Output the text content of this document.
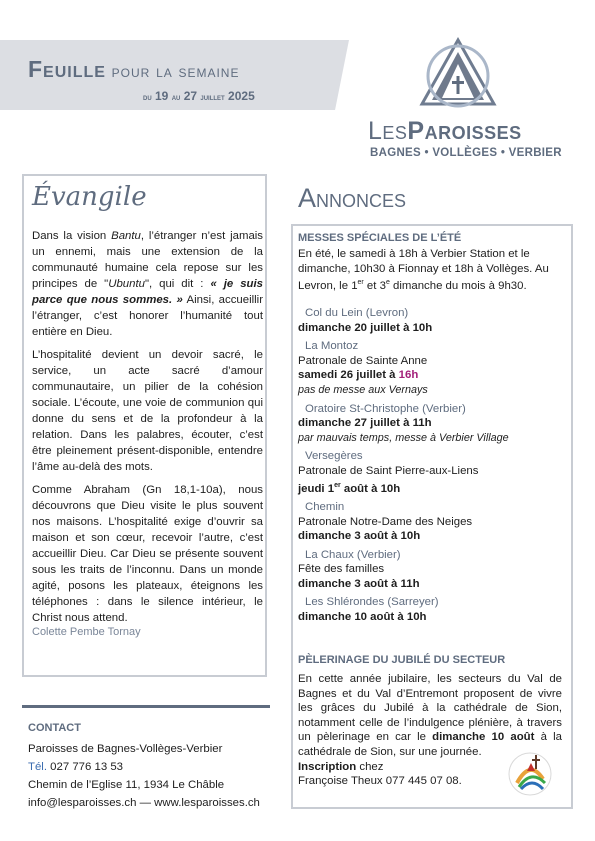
Feuille pour la semaine
du 19 au 27 juillet 2025
LesParoisses
BAGNES • VOLLÈGES • VERBIER
Évangile

Dans la vision Bantu, l’étranger n’est jamais un ennemi, mais une extension de la communauté humaine cela repose sur les principes de "Ubuntu", qui dit : « je suis parce que nous sommes. » Ainsi, accueillir l’étranger, c’est honorer l’humanité tout entière en Dieu.

L’hospitalité devient un devoir sacré, le service, un acte sacré d’amour communautaire, un pilier de la cohésion sociale. L’écoute, une voie de communion qui donne du sens et de la profondeur à la relation. Dans les palabres, écouter, c’est être pleinement présent-disponible, entendre l’âme au-delà des mots.

Comme Abraham (Gn 18,1-10a), nous découvrons que Dieu visite le plus souvent nos maisons. L’hospitalité exige d’ouvrir sa maison et son cœur, recevoir l’autre, c’est accueillir Dieu. Car Dieu se présente souvent sous les traits de l’inconnu. Dans un monde agité, posons les plateaux, éteignons les téléphones : dans le silence intérieur, le Christ nous attend.

Colette Pembe Tornay
CONTACT
Paroisses de Bagnes-Vollèges-Verbier
Tél. 027 776 13 53
Chemin de l’Eglise 11, 1934 Le Châble
info@lesparoisses.ch — www.lesparoisses.ch
Annonces
MESSES SPÉCIALES DE L’ÉTÉ
En été, le samedi à 18h à Verbier Station et le dimanche, 10h30 à Fionnay et 18h à Vollèges. Au Levron, le 1er et 3e dimanche du mois à 9h30.
Col du Lein (Levron)
dimanche 20 juillet à 10h
La Montoz
Patronale de Sainte Anne
samedi 26 juillet à 16h
pas de messe aux Vernays
Oratoire St-Christophe (Verbier)
dimanche 27 juillet à 11h
par mauvais temps, messe à Verbier Village
Versegères
Patronale de Saint Pierre-aux-Liens
jeudi 1er août à 10h
Chemin
Patronale Notre-Dame des Neiges
dimanche 3 août à 10h
La Chaux (Verbier)
Fête des familles
dimanche 3 août à 11h
Les Shlérondes (Sarreyer)
dimanche 10 août à 10h
PÈLERINAGE DU JUBILÉ DU SECTEUR
En cette année jubilaire, les secteurs du Val de Bagnes et du Val d’Entremont proposent de vivre les grâces du Jubilé à la cathédrale de Sion, notamment celle de l’indulgence plénière, à travers un pèlerinage en car le dimanche 10 août à la cathédrale de Sion, sur une journée.
Inscription chez
Françoise Theux 077 445 07 08.
